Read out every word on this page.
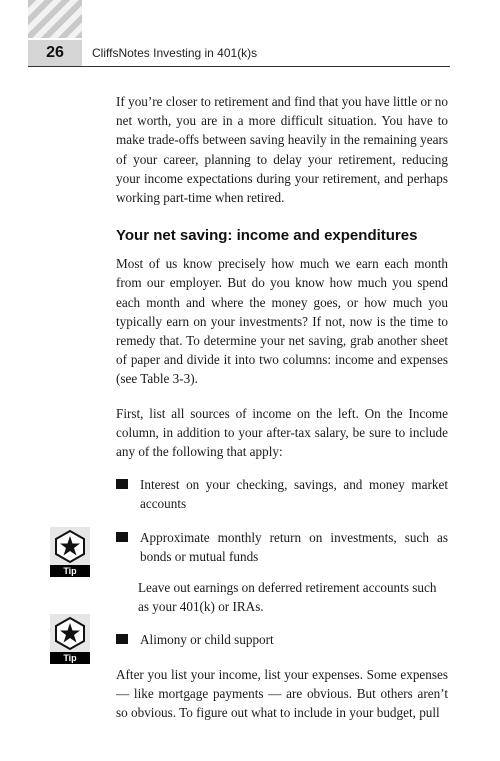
26	CliffsNotes Investing in 401(k)s
Tip
Tip

If you’re closer to retirement and find that you have little or no net worth, you are in a more difficult situation. You have to make trade-offs between saving heavily in the remaining years of your career, planning to delay your retirement, reducing your income expectations during your retirement, and perhaps working part-time when retired.

Your net saving: income and expenditures

Most of us know precisely how much we earn each month from our employer. But do you know how much you spend each month and where the money goes, or how much you typically earn on your investments? If not, now is the time to remedy that. To determine your net saving, grab another sheet of paper and divide it into two columns: income and expenses (see Table 3-3).

First, list all sources of income on the left. On the Income column, in addition to your after-tax salary, be sure to include any of the following that apply:

Interest on your checking, savings, and money market accounts
Approximate monthly return on investments, such as bonds or mutual funds
Leave out earnings on deferred retirement accounts such as your 401(k) or IRAs.
Alimony or child support

After you list your income, list your expenses. Some expenses — like mortgage payments — are obvious. But others aren’t so obvious. To figure out what to include in your budget, pull
